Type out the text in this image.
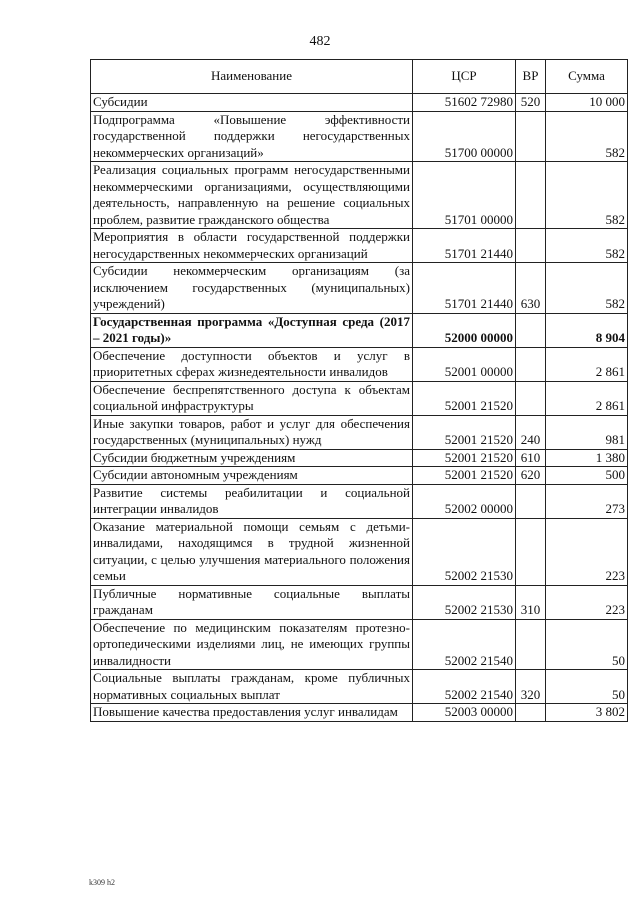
482
Наименование	ЦСР	ВР	Сумма
Субсидии	51602 72980	520	10 000
Подпрограмма «Повышение эффективности государственной поддержки негосударственных некоммерческих организаций»	51700 00000		582
Реализация социальных программ негосударственными некоммерческими организациями, осуществляющими деятельность, направленную на решение социальных проблем, развитие гражданского общества	51701 00000		582
Мероприятия в области государственной поддержки негосударственных некоммерческих организаций	51701 21440		582
Субсидии некоммерческим организациям (за исключением государственных (муниципальных) учреждений)	51701 21440	630	582
Государственная программа «Доступная среда (2017 – 2021 годы)»	52000 00000		8 904
Обеспечение доступности объектов и услуг в приоритетных сферах жизнедеятельности инвалидов	52001 00000		2 861
Обеспечение беспрепятственного доступа к объектам социальной инфраструктуры	52001 21520		2 861
Иные закупки товаров, работ и услуг для обеспечения государственных (муниципальных) нужд	52001 21520	240	981
Субсидии бюджетным учреждениям	52001 21520	610	1 380
Субсидии автономным учреждениям	52001 21520	620	500
Развитие системы реабилитации и социальной интеграции инвалидов	52002 00000		273
Оказание материальной помощи семьям с детьми-инвалидами, находящимся в трудной жизненной ситуации, с целью улучшения материального положения семьи	52002 21530		223
Публичные нормативные социальные выплаты гражданам	52002 21530	310	223
Обеспечение по медицинским показателям протезно-ортопедическими изделиями лиц, не имеющих группы инвалидности	52002 21540		50
Социальные выплаты гражданам, кроме публичных нормативных социальных выплат	52002 21540	320	50
Повышение качества предоставления услуг инвалидам	52003 00000		3 802
k309 h2
